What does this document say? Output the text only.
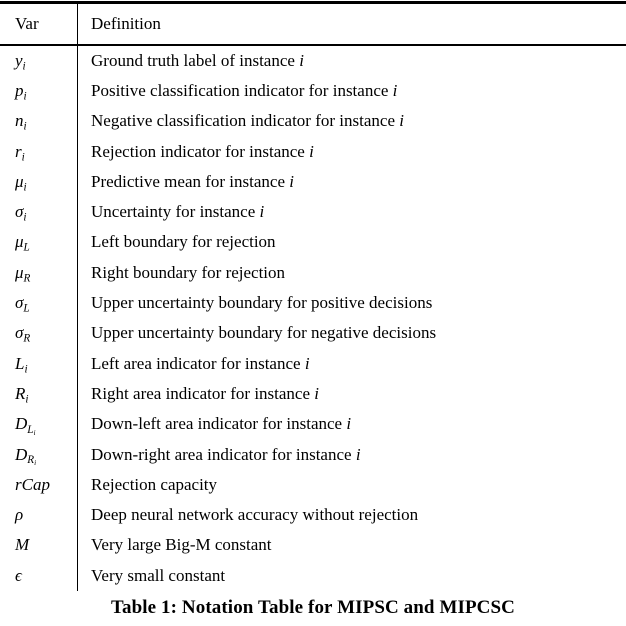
Var	Definition
$y_i$	Ground truth label of instance i
$p_i$	Positive classification indicator for instance i
$n_i$	Negative classification indicator for instance i
$r_i$	Rejection indicator for instance i
$\mu_i$	Predictive mean for instance i
$\sigma_i$	Uncertainty for instance i
$\mu_L$	Left boundary for rejection
$\mu_R$	Right boundary for rejection
$\sigma_L$	Upper uncertainty boundary for positive decisions
$\sigma_R$	Upper uncertainty boundary for negative decisions
$L_i$	Left area indicator for instance i
$R_i$	Right area indicator for instance i
$D_{L_i}$	Down-left area indicator for instance i
$D_{R_i}$	Down-right area indicator for instance i
rCap	Rejection capacity
ρ	Deep neural network accuracy without rejection
M	Very large Big-M constant
ϵ	Very small constant
Table 1: Notation Table for MIPSC and MIPCSC
